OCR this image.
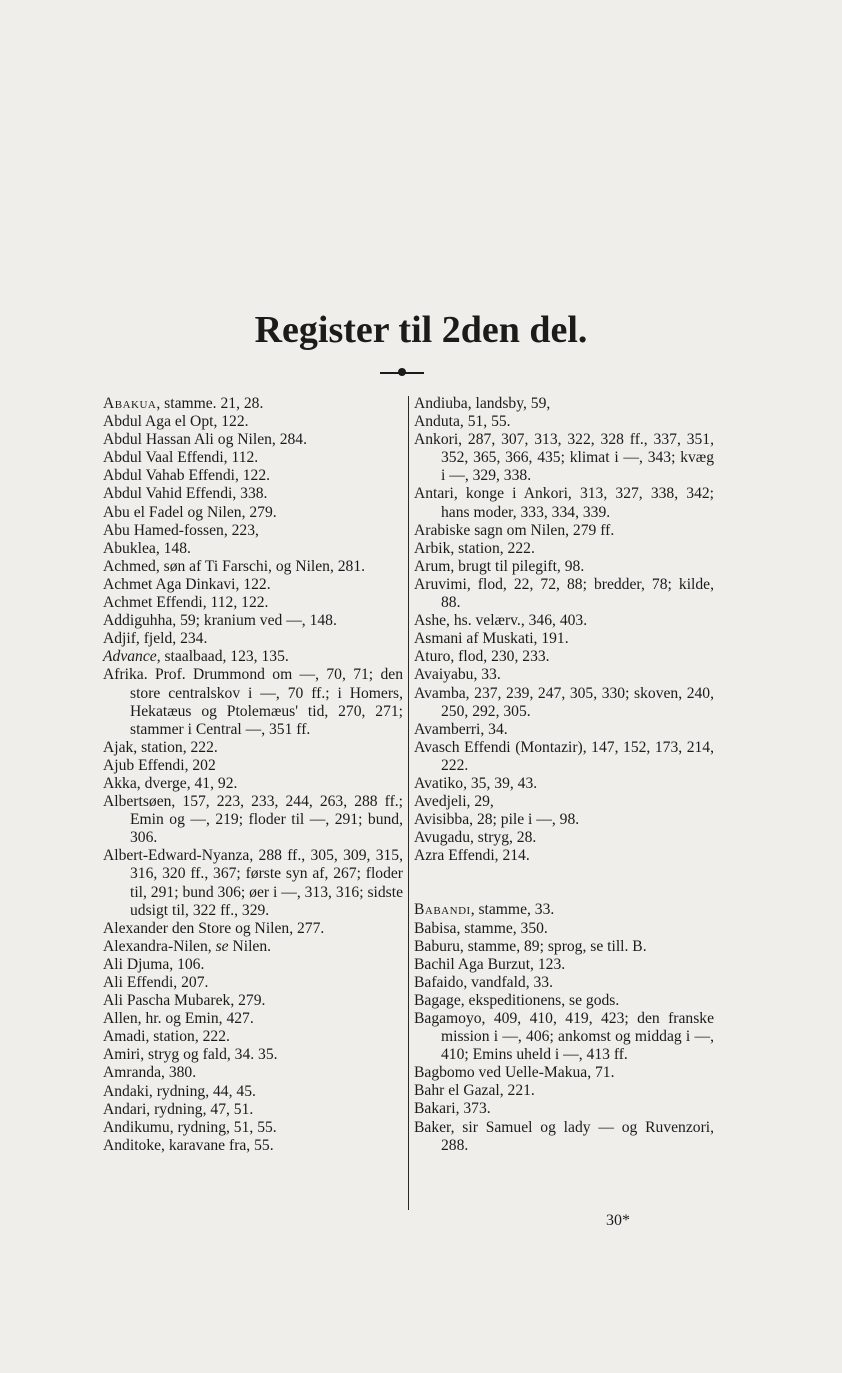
Register til 2den del.

Abakua, stamme. 21, 28.

Abdul Aga el Opt, 122.

Abdul Hassan Ali og Nilen, 284.

Abdul Vaal Effendi, 112.

Abdul Vahab Effendi, 122.

Abdul Vahid Effendi, 338.

Abu el Fadel og Nilen, 279.

Abu Hamed-fossen, 223,

Abuklea, 148.

Achmed, søn af Ti Farschi, og Nilen, 281.

Achmet Aga Dinkavi, 122.

Achmet Effendi, 112, 122.

Addiguhha, 59; kranium ved —, 148.

Adjif, fjeld, 234.

Advance, staalbaad, 123, 135.

Afrika. Prof. Drummond om —, 70, 71; den store centralskov i —, 70 ff.; i Homers, Hekatæus og Ptolemæus' tid, 270, 271; stammer i Central —, 351 ff.

Ajak, station, 222.

Ajub Effendi, 202

Akka, dverge, 41, 92.

Albertsøen, 157, 223, 233, 244, 263, 288 ff.; Emin og —, 219; floder til —, 291; bund, 306.

Albert-Edward-Nyanza, 288 ff., 305, 309, 315, 316, 320 ff., 367; første syn af, 267; floder til, 291; bund 306; øer i —, 313, 316; sidste udsigt til, 322 ff., 329.

Alexander den Store og Nilen, 277.

Alexandra-Nilen, se Nilen.

Ali Djuma, 106.

Ali Effendi, 207.

Ali Pascha Mubarek, 279.

Allen, hr. og Emin, 427.

Amadi, station, 222.

Amiri, stryg og fald, 34. 35.

Amranda, 380.

Andaki, rydning, 44, 45.

Andari, rydning, 47, 51.

Andikumu, rydning, 51, 55.

Anditoke, karavane fra, 55.

Andiuba, landsby, 59,

Anduta, 51, 55.

Ankori, 287, 307, 313, 322, 328 ff., 337, 351, 352, 365, 366, 435; klimat i —, 343; kvæg i —, 329, 338.

Antari, konge i Ankori, 313, 327, 338, 342; hans moder, 333, 334, 339.

Arabiske sagn om Nilen, 279 ff.

Arbik, station, 222.

Arum, brugt til pilegift, 98.

Aruvimi, flod, 22, 72, 88; bredder, 78; kilde, 88.

Ashe, hs. velærv., 346, 403.

Asmani af Muskati, 191.

Aturo, flod, 230, 233.

Avaiyabu, 33.

Avamba, 237, 239, 247, 305, 330; skoven, 240, 250, 292, 305.

Avamberri, 34.

Avasch Effendi (Montazir), 147, 152, 173, 214, 222.

Avatiko, 35, 39, 43.

Avedjeli, 29,

Avisibba, 28; pile i —, 98.

Avugadu, stryg, 28.

Azra Effendi, 214.

Babandi, stamme, 33.

Babisa, stamme, 350.

Baburu, stamme, 89; sprog, se till. B.

Bachil Aga Burzut, 123.

Bafaido, vandfald, 33.

Bagage, ekspeditionens, se gods.

Bagamoyo, 409, 410, 419, 423; den franske mission i —, 406; ankomst og middag i —, 410; Emins uheld i —, 413 ff.

Bagbomo ved Uelle-Makua, 71.

Bahr el Gazal, 221.

Bakari, 373.

Baker, sir Samuel og lady — og Ruvenzori, 288.

30*
